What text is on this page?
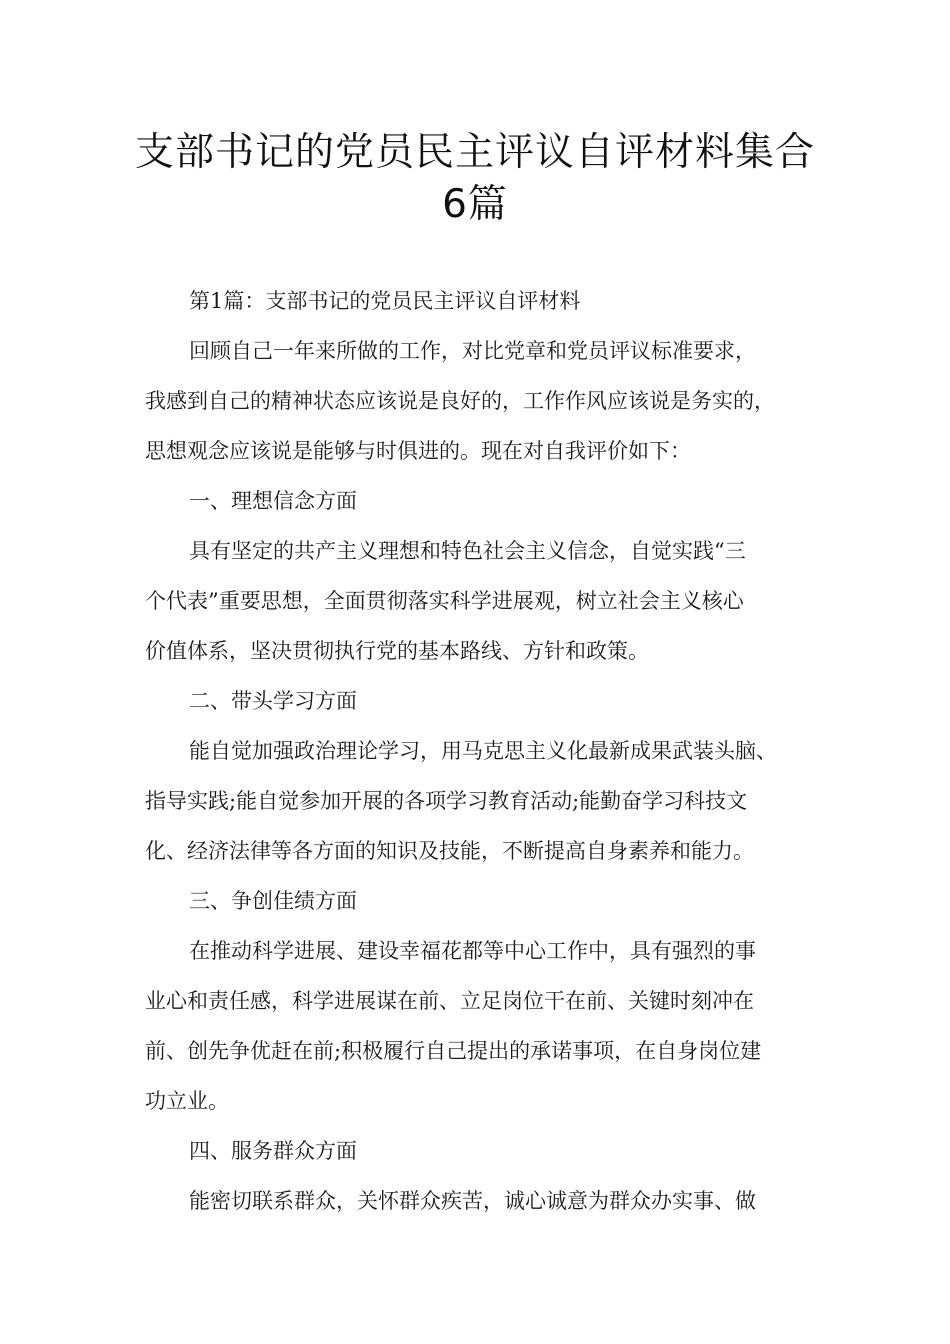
支部书记的党员民主评议自评材料集合
6篇
第1篇：支部书记的党员民主评议自评材料
回顾自己一年来所做的工作，对比党章和党员评议标准要求，
我感到自己的精神状态应该说是良好的，工作作风应该说是务实的，
思想观念应该说是能够与时俱进的。现在对自我评价如下：
一、理想信念方面
具有坚定的共产主义理想和特色社会主义信念，自觉实践“三
个代表”重要思想，全面贯彻落实科学进展观，树立社会主义核心
价值体系，坚决贯彻执行党的基本路线、方针和政策。
二、带头学习方面
能自觉加强政治理论学习，用马克思主义化最新成果武装头脑、
指导实践;能自觉参加开展的各项学习教育活动;能勤奋学习科技文
化、经济法律等各方面的知识及技能，不断提高自身素养和能力。
三、争创佳绩方面
在推动科学进展、建设幸福花都等中心工作中，具有强烈的事
业心和责任感，科学进展谋在前、立足岗位干在前、关键时刻冲在
前、创先争优赶在前;积极履行自己提出的承诺事项，在自身岗位建
功立业。
四、服务群众方面
能密切联系群众，关怀群众疾苦，诚心诚意为群众办实事、做
